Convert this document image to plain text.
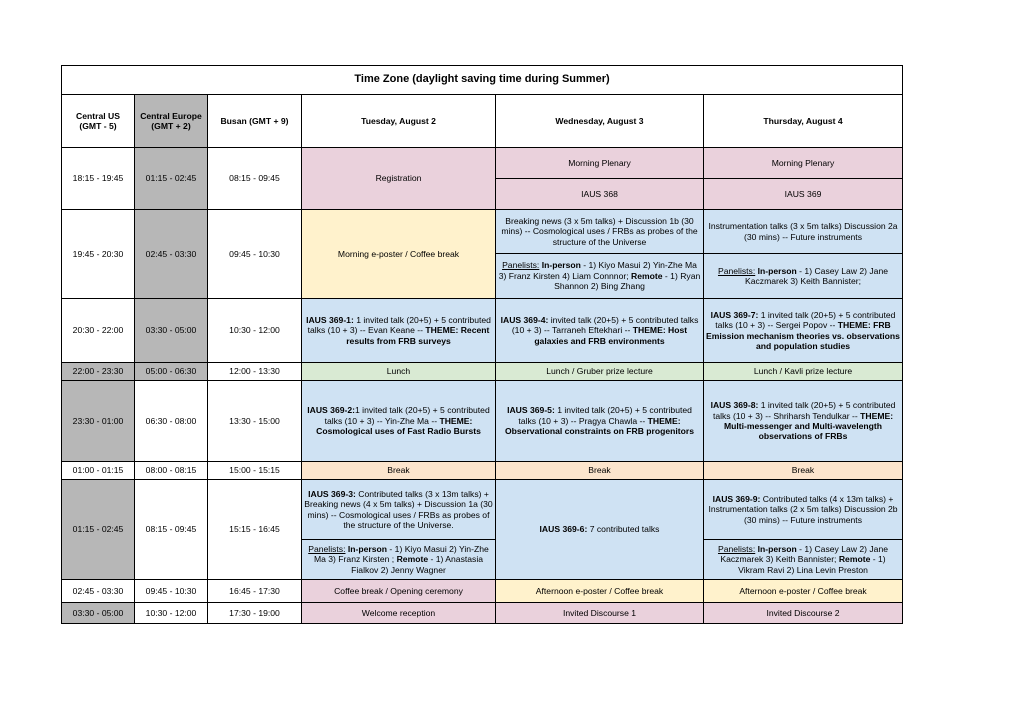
Time Zone (daylight saving time during Summer)					
Central US (GMT - 5)	Central Europe (GMT + 2)	Busan (GMT + 9)	Tuesday, August 2	Wednesday, August 3	Thursday, August 4
18:15 - 19:45	01:15 - 02:45	08:15 - 09:45	Registration	Morning Plenary	Morning Plenary
				IAUS 368	IAUS 369
19:45 - 20:30	02:45 - 03:30	09:45 - 10:30	Morning e-poster / Coffee break	Breaking news (3 x 5m talks) + Discussion 1b (30 mins) -- Cosmological uses / FRBs as probes of the structure of the Universe	Instrumentation talks (3 x 5m talks) Discussion 2a (30 mins) -- Future instruments
				Panelists: In-person - 1) Kiyo Masui 2) Yin-Zhe Ma 3) Franz Kirsten 4) Liam Connnor; Remote - 1) Ryan Shannon 2) Bing Zhang	Panelists: In-person - 1) Casey Law 2) Jane Kaczmarek 3) Keith Bannister;
20:30 - 22:00	03:30 - 05:00	10:30 - 12:00	IAUS 369-1: 1 invited talk (20+5) + 5 contributed talks (10 + 3) -- Evan Keane -- THEME: Recent results from FRB surveys	IAUS 369-4: invited talk (20+5) + 5 contributed talks (10 + 3) -- Tarraneh Eftekhari -- THEME: Host galaxies and FRB environments	IAUS 369-7: 1 invited talk (20+5) + 5 contributed talks (10 + 3) -- Sergei Popov -- THEME: FRB Emission mechanism theories vs. observations and population studies
22:00 - 23:30	05:00 - 06:30	12:00 - 13:30	Lunch	Lunch / Gruber prize lecture	Lunch / Kavli prize lecture
23:30 - 01:00	06:30 - 08:00	13:30 - 15:00	IAUS 369-2:1 invited talk (20+5) + 5 contributed talks (10 + 3) -- Yin-Zhe Ma -- THEME: Cosmological uses of Fast Radio Bursts	IAUS 369-5: 1 invited talk (20+5) + 5 contributed talks (10 + 3) -- Pragya Chawla -- THEME: Observational constraints on FRB progenitors	IAUS 369-8: 1 invited talk (20+5) + 5 contributed talks (10 + 3) -- Shriharsh Tendulkar -- THEME: Multi-messenger and Multi-wavelength observations of FRBs
01:00 - 01:15	08:00 - 08:15	15:00 - 15:15	Break	Break	Break
01:15 - 02:45	08:15 - 09:45	15:15 - 16:45	IAUS 369-3: Contributed talks (3 x 13m talks) + Breaking news (4 x 5m talks) + Discussion 1a (30 mins) -- Cosmological uses / FRBs as probes of the structure of the Universe.	IAUS 369-6: 7 contributed talks	IAUS 369-9: Contributed talks (4 x 13m talks) + Instrumentation talks (2 x 5m talks) Discussion 2b (30 mins) -- Future instruments
			Panelists: In-person - 1) Kiyo Masui 2) Yin-Zhe Ma 3) Franz Kirsten ; Remote - 1) Anastasia Fialkov 2) Jenny Wagner		Panelists: In-person - 1) Casey Law 2) Jane Kaczmarek 3) Keith Bannister; Remote - 1) Vikram Ravi 2) Lina Levin Preston
02:45 - 03:30	09:45 - 10:30	16:45 - 17:30	Coffee break / Opening ceremony	Afternoon e-poster / Coffee break	Afternoon e-poster / Coffee break
03:30 - 05:00	10:30 - 12:00	17:30 - 19:00	Welcome reception	Invited Discourse 1	Invited Discourse 2
